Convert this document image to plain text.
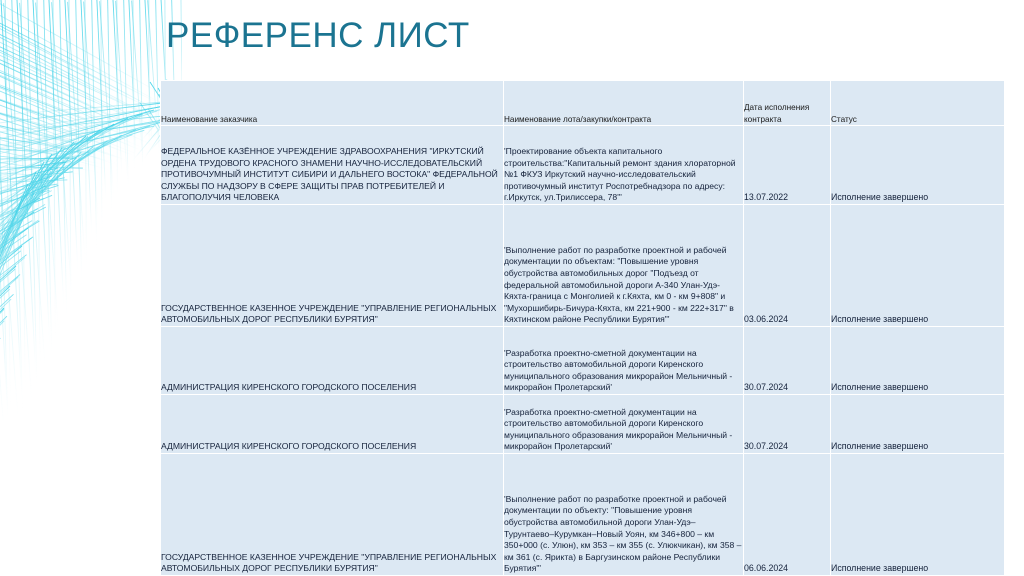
РЕФЕРЕНС ЛИСТ
Наименование заказчика	Наименование лота/закупки/контракта	Дата исполнения контракта	Статус
ФЕДЕРАЛЬНОЕ КАЗЁННОЕ УЧРЕЖДЕНИЕ ЗДРАВООХРАНЕНИЯ "ИРКУТСКИЙ ОРДЕНА ТРУДОВОГО КРАСНОГО ЗНАМЕНИ НАУЧНО-ИССЛЕДОВАТЕЛЬСКИЙ ПРОТИВОЧУМНЫЙ ИНСТИТУТ СИБИРИ И ДАЛЬНЕГО ВОСТОКА" ФЕДЕРАЛЬНОЙ СЛУЖБЫ ПО НАДЗОРУ В СФЕРЕ ЗАЩИТЫ ПРАВ ПОТРЕБИТЕЛЕЙ И БЛАГОПОЛУЧИЯ ЧЕЛОВЕКА	'Проектирование объекта капитального строительства:"Капитальный ремонт здания хлораторной №1 ФКУЗ Иркутский научно-исследовательский противочумный институт Роспотребнадзора по адресу: г.Иркутск, ул.Трилиссера, 78"'	13.07.2022	Исполнение завершено
ГОСУДАРСТВЕННОЕ КАЗЕННОЕ УЧРЕЖДЕНИЕ "УПРАВЛЕНИЕ РЕГИОНАЛЬНЫХ АВТОМОБИЛЬНЫХ ДОРОГ РЕСПУБЛИКИ БУРЯТИЯ"	'Выполнение работ по разработке проектной и рабочей документации по объектам: "Повышение уровня обустройства автомобильных дорог "Подъезд от федеральной автомобильной дороги А-340 Улан-Удэ-Кяхта-граница с Монголией к г.Кяхта, км 0 - км 9+808" и "Мухоршибирь-Бичура-Кяхта, км 221+900 - км 222+317" в Кяхтинском районе Республики Бурятия"'	03.06.2024	Исполнение завершено
АДМИНИСТРАЦИЯ КИРЕНСКОГО ГОРОДСКОГО ПОСЕЛЕНИЯ	'Разработка проектно-сметной документации на строительство автомобильной дороги Киренского муниципального образования микрорайон Мельничный - микрорайон Пролетарский'	30.07.2024	Исполнение завершено
АДМИНИСТРАЦИЯ КИРЕНСКОГО ГОРОДСКОГО ПОСЕЛЕНИЯ	'Разработка проектно-сметной документации на строительство автомобильной дороги Киренского муниципального образования микрорайон Мельничный - микрорайон Пролетарский'	30.07.2024	Исполнение завершено
ГОСУДАРСТВЕННОЕ КАЗЕННОЕ УЧРЕЖДЕНИЕ "УПРАВЛЕНИЕ РЕГИОНАЛЬНЫХ АВТОМОБИЛЬНЫХ ДОРОГ РЕСПУБЛИКИ БУРЯТИЯ"	'Выполнение работ по разработке проектной и рабочей документации по объекту: "Повышение уровня обустройства автомобильной дороги Улан-Удэ–Турунтаево–Курумкан–Новый Уоян, км 346+800 – км 350+000 (с. Улюн), км 353 – км 355 (с. Улюкчикан), км 358 – км 361 (с. Яриктa) в Баргузинском районе Республики Бурятия"'	06.06.2024	Исполнение завершено
